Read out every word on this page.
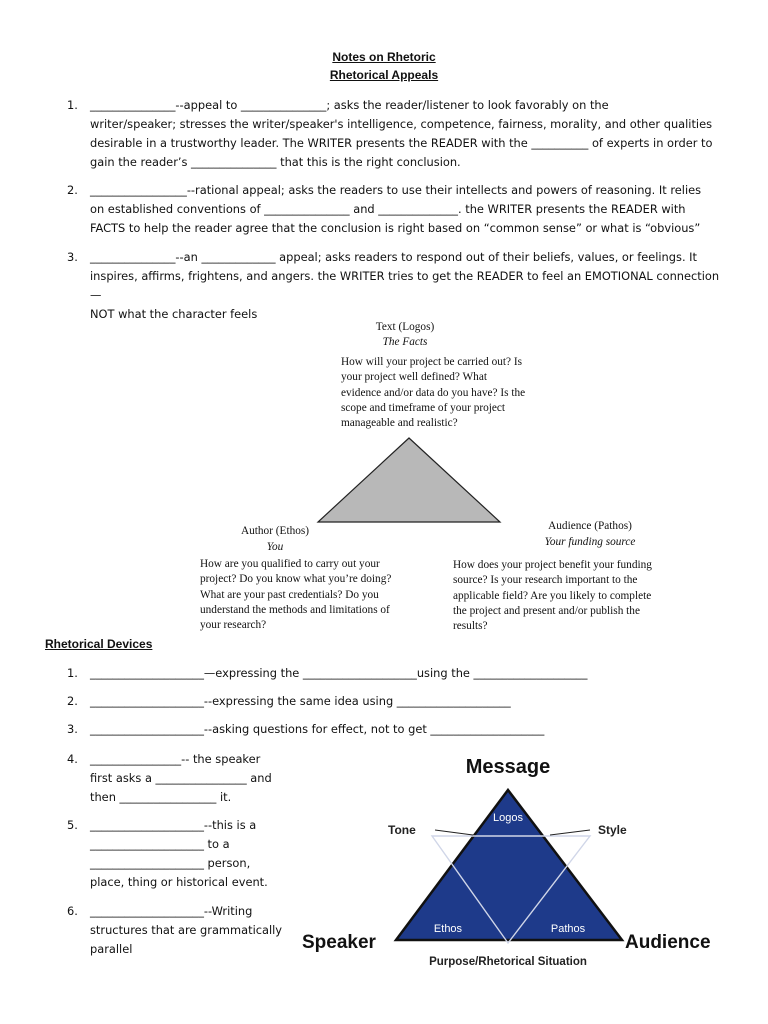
Notes on Rhetoric
Rhetorical Appeals
1. _______________--appeal to _______________; asks the reader/listener to look favorably on the
writer/speaker; stresses the writer/speaker's intelligence, competence, fairness, morality, and other qualities
desirable in a trustworthy leader. The WRITER presents the READER with the __________ of experts in order to
gain the reader’s _______________ that this is the right conclusion.
2. _________________--rational appeal; asks the readers to use their intellects and powers of reasoning. It relies
on established conventions of _______________ and ______________. the WRITER presents the READER with
FACTS to help the reader agree that the conclusion is right based on “common sense” or what is “obvious”
3. _______________--an _____________ appeal; asks readers to respond out of their beliefs, values, or feelings. It
inspires, affirms, frightens, and angers. the WRITER tries to get the READER to feel an EMOTIONAL connection—
NOT what the character feels
Text (Logos)
The Facts
How will your project be carried out? Is
your project well defined? What
evidence and/or data do you have? Is the
scope and timeframe of your project
manageable and realistic?
Author (Ethos)
You
How are you qualified to carry out your
project? Do you know what you’re doing?
What are your past credentials? Do you
understand the methods and limitations of
your research?
Audience (Pathos)
Your funding source
How does your project benefit your funding
source? Is your research important to the
applicable field? Are you likely to complete
the project and present and/or publish the
results?
Rhetorical Devices
1. ____________________—expressing the ____________________using the ____________________
2. ____________________--expressing the same idea using ____________________
3. ____________________--asking questions for effect, not to get ____________________
4. ________________-- the speaker
first asks a ________________ and
then _________________ it.
5. ____________________--this is a
____________________ to a
____________________ person,
place, thing or historical event.
6. ____________________--Writing
structures that are grammatically
parallel
Message
Tone	Style
Logos
Ethos	Pathos
Speaker	Audience
Purpose/Rhetorical Situation
